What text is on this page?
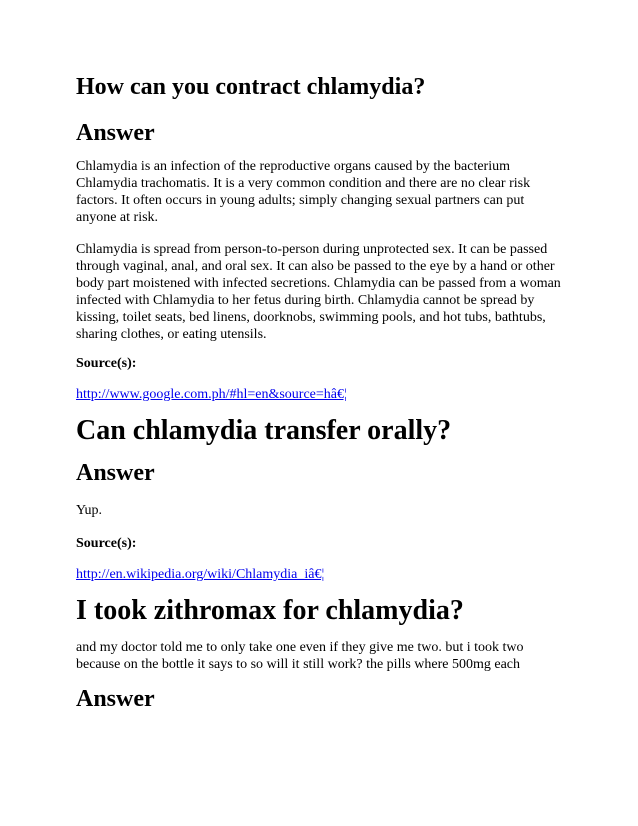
How can you contract chlamydia?
Answer
Chlamydia is an infection of the reproductive organs caused by the bacterium
Chlamydia trachomatis. It is a very common condition and there are no clear risk
factors. It often occurs in young adults; simply changing sexual partners can put
anyone at risk.
Chlamydia is spread from person-to-person during unprotected sex. It can be passed
through vaginal, anal, and oral sex. It can also be passed to the eye by a hand or other
body part moistened with infected secretions. Chlamydia can be passed from a woman
infected with Chlamydia to her fetus during birth. Chlamydia cannot be spread by
kissing, toilet seats, bed linens, doorknobs, swimming pools, and hot tubs, bathtubs,
sharing clothes, or eating utensils.
Source(s):
http://www.google.com.ph/#hl=en&source=hâ€¦
Can chlamydia transfer orally?
Answer
Yup.
Source(s):
http://en.wikipedia.org/wiki/Chlamydia_iâ€¦
I took zithromax for chlamydia?
and my doctor told me to only take one even if they give me two. but i took two
because on the bottle it says to so will it still work? the pills where 500mg each
Answer
